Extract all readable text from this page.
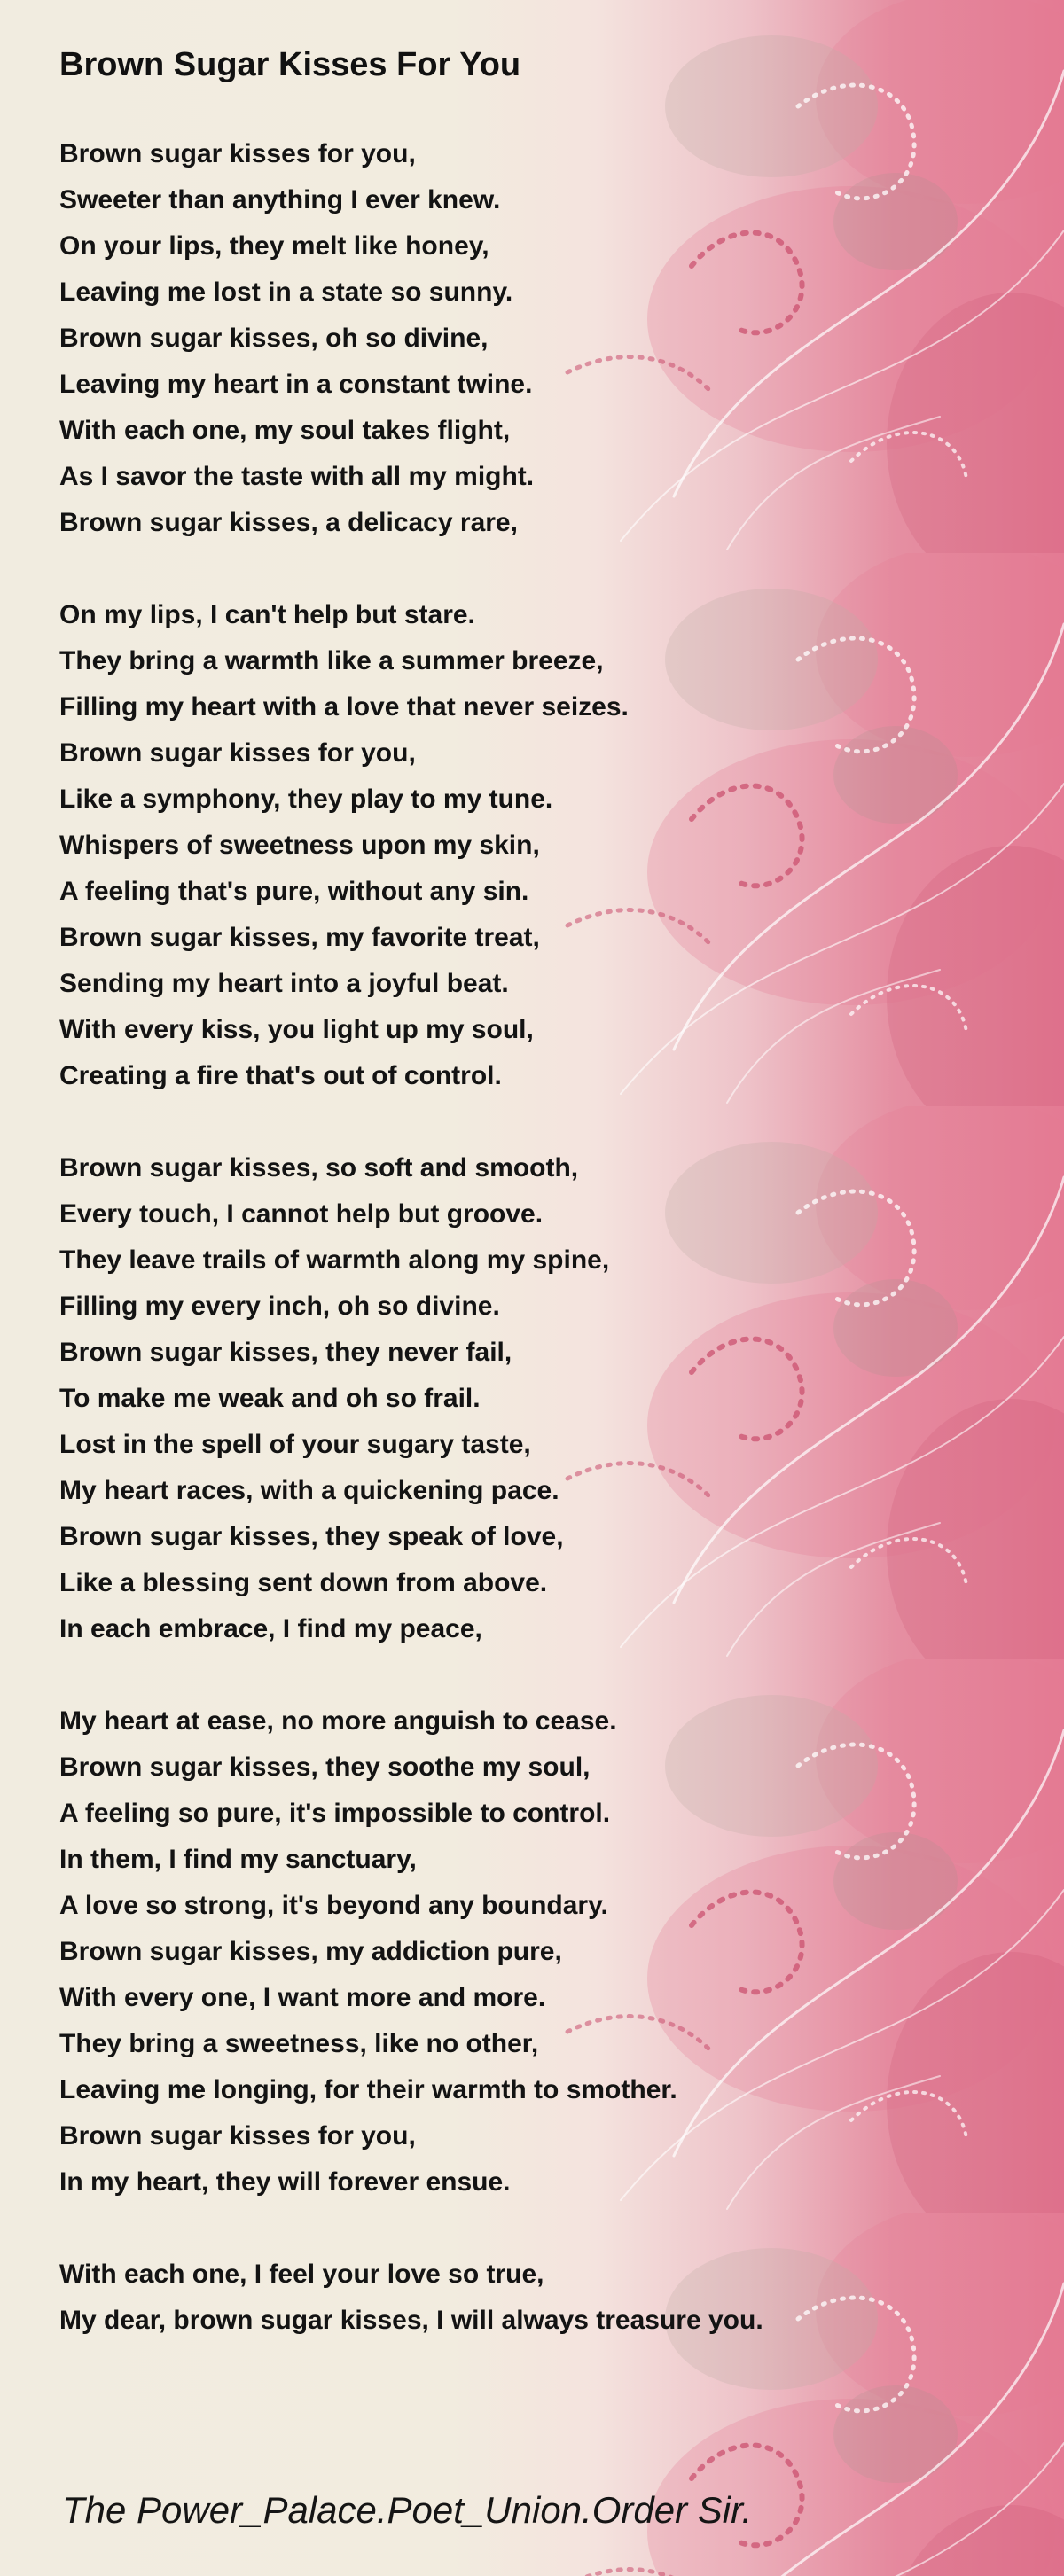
Brown Sugar Kisses For You
Brown sugar kisses for you,
Sweeter than anything I ever knew.
On your lips, they melt like honey,
Leaving me lost in a state so sunny.
Brown sugar kisses, oh so divine,
Leaving my heart in a constant twine.
With each one, my soul takes flight,
As I savor the taste with all my might.
Brown sugar kisses, a delicacy rare,
On my lips, I can't help but stare.
They bring a warmth like a summer breeze,
Filling my heart with a love that never seizes.
Brown sugar kisses for you,
Like a symphony, they play to my tune.
Whispers of sweetness upon my skin,
A feeling that's pure, without any sin.
Brown sugar kisses, my favorite treat,
Sending my heart into a joyful beat.
With every kiss, you light up my soul,
Creating a fire that's out of control.
Brown sugar kisses, so soft and smooth,
Every touch, I cannot help but groove.
They leave trails of warmth along my spine,
Filling my every inch, oh so divine.
Brown sugar kisses, they never fail,
To make me weak and oh so frail.
Lost in the spell of your sugary taste,
My heart races, with a quickening pace.
Brown sugar kisses, they speak of love,
Like a blessing sent down from above.
In each embrace, I find my peace,
My heart at ease, no more anguish to cease.
Brown sugar kisses, they soothe my soul,
A feeling so pure, it's impossible to control.
In them, I find my sanctuary,
A love so strong, it's beyond any boundary.
Brown sugar kisses, my addiction pure,
With every one, I want more and more.
They bring a sweetness, like no other,
Leaving me longing, for their warmth to smother.
Brown sugar kisses for you,
In my heart, they will forever ensue.
With each one, I feel your love so true,
My dear, brown sugar kisses, I will always treasure you.

The Power_Palace.Poet_Union.Order Sir.
